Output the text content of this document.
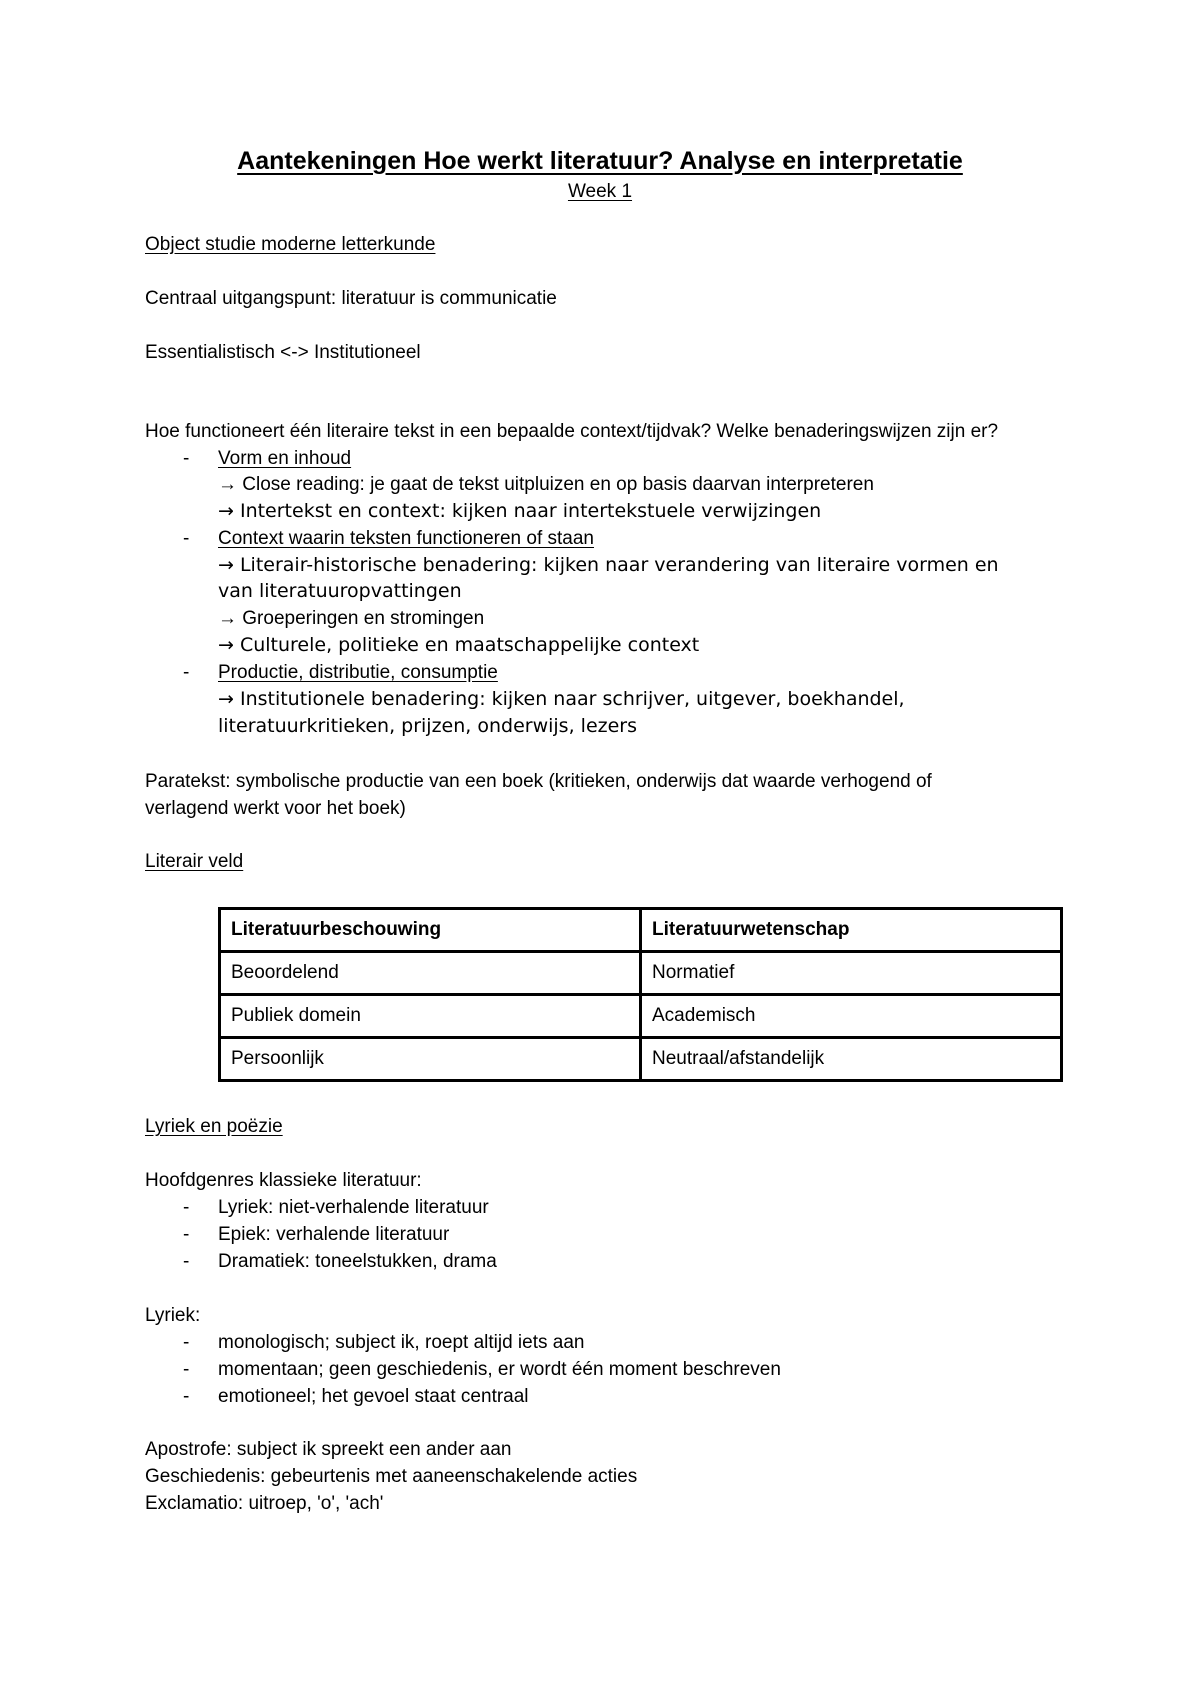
Aantekeningen Hoe werkt literatuur? Analyse en interpretatie
Week 1
Object studie moderne letterkunde
Centraal uitgangspunt: literatuur is communicatie
Essentialistisch <-> Institutioneel
Hoe functioneert één literaire tekst in een bepaalde context/tijdvak? Welke benaderingswijzen zijn er?
- Vorm en inhoud
→ Close reading: je gaat de tekst uitpluizen en op basis daarvan interpreteren
→ Intertekst en context: kijken naar intertekstuele verwijzingen
- Context waarin teksten functioneren of staan
→ Literair-historische benadering: kijken naar verandering van literaire vormen en
van literatuuropvattingen
→ Groeperingen en stromingen
→ Culturele, politieke en maatschappelijke context
- Productie, distributie, consumptie
→ Institutionele benadering: kijken naar schrijver, uitgever, boekhandel,
literatuurkritieken, prijzen, onderwijs, lezers
Paratekst: symbolische productie van een boek (kritieken, onderwijs dat waarde verhogend of
verlagend werkt voor het boek)
Literair veld
Literatuurbeschouwing	Literatuurwetenschap
Beoordelend	Normatief
Publiek domein	Academisch
Persoonlijk	Neutraal/afstandelijk
Lyriek en poëzie
Hoofdgenres klassieke literatuur:
- Lyriek: niet-verhalende literatuur
- Epiek: verhalende literatuur
- Dramatiek: toneelstukken, drama
Lyriek:
- monologisch; subject ik, roept altijd iets aan
- momentaan; geen geschiedenis, er wordt één moment beschreven
- emotioneel; het gevoel staat centraal
Apostrofe: subject ik spreekt een ander aan
Geschiedenis: gebeurtenis met aaneenschakelende acties
Exclamatio: uitroep, 'o', 'ach'
